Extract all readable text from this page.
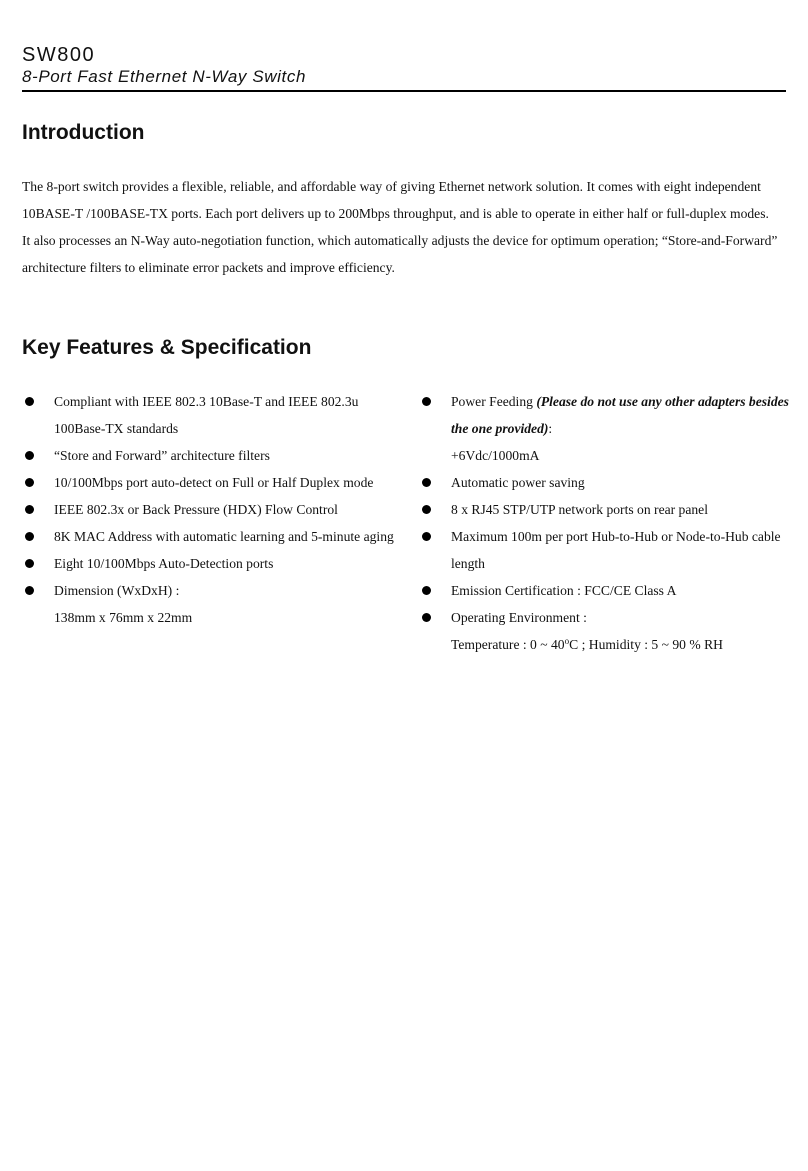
SW800
8-Port Fast Ethernet N-Way Switch
Introduction

The 8-port switch provides a flexible, reliable, and affordable way of giving Ethernet network solution. It comes with eight independent 10BASE-T /100BASE-TX ports. Each port delivers up to 200Mbps throughput, and is able to operate in either half or full-duplex modes.

It also processes an N-Way auto-negotiation function, which automatically adjusts the device for optimum operation; “Store-and-Forward” architecture filters to eliminate error packets and improve efficiency.

Key Features & Specification
Compliant with IEEE 802.3 10Base-T and IEEE 802.3u 100Base-TX standards
“Store and Forward” architecture filters
10/100Mbps port auto-detect on Full or Half Duplex mode
IEEE 802.3x or Back Pressure (HDX) Flow Control
8K MAC Address with automatic learning and 5-minute aging
Eight 10/100Mbps Auto-Detection ports
Dimension (WxDxH) :
138mm x 76mm x 22mm
Power Feeding (Please do not use any other adapters besides the one provided):
+6Vdc/1000mA
Automatic power saving
8 x RJ45 STP/UTP network ports on rear panel
Maximum 100m per port Hub-to-Hub or Node-to-Hub cable length
Emission Certification : FCC/CE Class A
Operating Environment :
Temperature : 0 ~ 40$^o$C ; Humidity : 5 ~ 90 % RH
